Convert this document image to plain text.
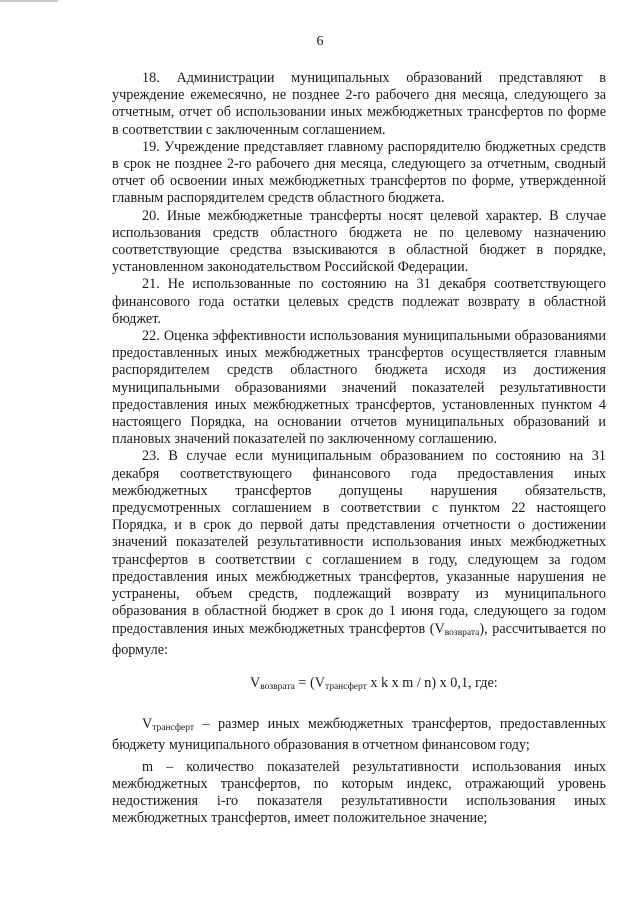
6

18. Администрации муниципальных образований представляют в учреждение ежемесячно, не позднее 2-го рабочего дня месяца, следующего за отчетным, отчет об использовании иных межбюджетных трансфертов по форме в соответствии с заключенным соглашением.

19. Учреждение представляет главному распорядителю бюджетных средств в срок не позднее 2-го рабочего дня месяца, следующего за отчетным, сводный отчет об освоении иных межбюджетных трансфертов по форме, утвержденной главным распорядителем средств областного бюджета.

20. Иные межбюджетные трансферты носят целевой характер. В случае использования средств областного бюджета не по целевому назначению соответствующие средства взыскиваются в областной бюджет в порядке, установленном законодательством Российской Федерации.

21. Не использованные по состоянию на 31 декабря соответствующего финансового года остатки целевых средств подлежат возврату в областной бюджет.

22. Оценка эффективности использования муниципальными образованиями предоставленных иных межбюджетных трансфертов осуществляется главным распорядителем средств областного бюджета исходя из достижения муниципальными образованиями значений показателей результативности предоставления иных межбюджетных трансфертов, установленных пунктом 4 настоящего Порядка, на основании отчетов муниципальных образований и плановых значений показателей по заключенному соглашению.

23. В случае если муниципальным образованием по состоянию на 31 декабря соответствующего финансового года предоставления иных межбюджетных трансфертов допущены нарушения обязательств, предусмотренных соглашением в соответствии с пунктом 22 настоящего Порядка, и в срок до первой даты представления отчетности о достижении значений показателей результативности использования иных межбюджетных трансфертов в соответствии с соглашением в году, следующем за годом предоставления иных межбюджетных трансфертов, указанные нарушения не устранены, объем средств, подлежащий возврату из муниципального образования в областной бюджет в срок до 1 июня года, следующего за годом предоставления иных межбюджетных трансфертов $(V_{возврата})$, рассчитывается по формуле:

$V_{возврата} = (V_{трансферт}$ x k x m / n) x 0,1, где:

$V_{трансферт}$ – размер иных межбюджетных трансфертов, предоставленных бюджету муниципального образования в отчетном финансовом году;

m – количество показателей результативности использования иных межбюджетных трансфертов, по которым индекс, отражающий уровень недостижения i-го показателя результативности использования иных межбюджетных трансфертов, имеет положительное значение;
